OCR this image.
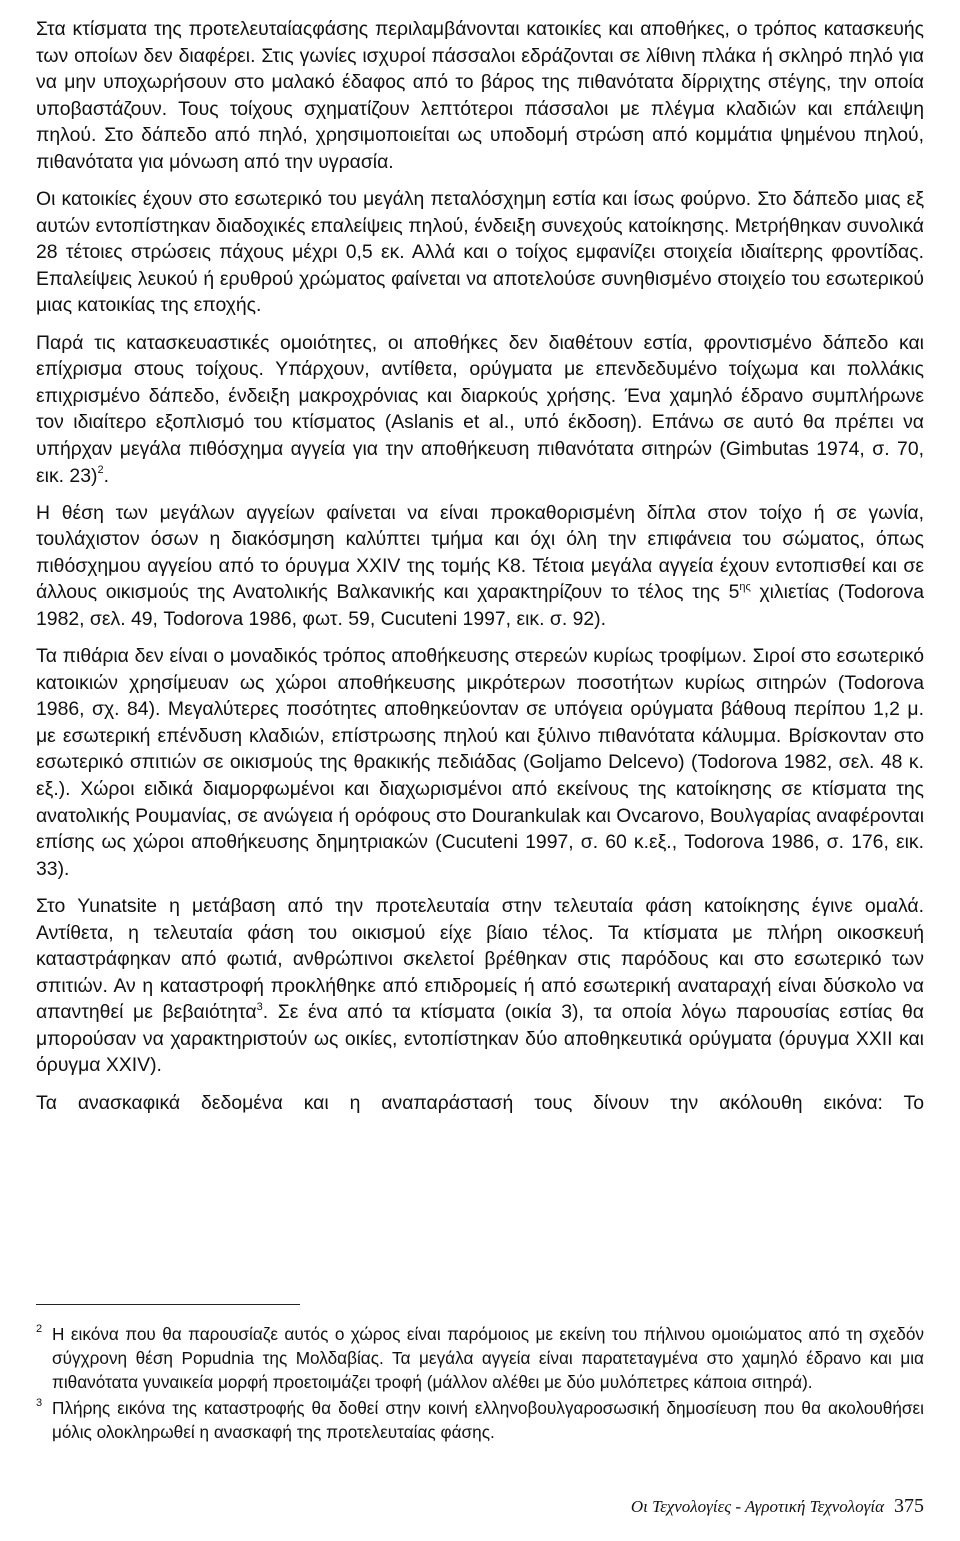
Στα κτίσματα της προτελευταίαςφάσης περιλαμβάνονται κατοικίες και αποθήκες, ο τρόπος κατασκευής των οποίων δεν διαφέρει. Στις γωνίες ισχυροί πάσσαλοι εδράζονται σε λίθινη πλάκα ή σκληρό πηλό για να μην υποχωρήσουν στο μαλακό έδαφος από το βάρος της πιθανότατα δίρριχτης στέγης, την οποία υποβαστάζουν. Τους τοίχους σχηματίζουν λεπτότεροι πάσσαλοι με πλέγμα κλαδιών και επάλειψη πηλού. Στο δάπεδο από πηλό, χρησιμοποιείται ως υποδομή στρώση από κομμάτια ψημένου πηλού, πιθανότατα για μόνωση από την υγρασία.

Οι κατοικίες έχουν στο εσωτερικό του μεγάλη πεταλόσχημη εστία και ίσως φούρνο. Στο δάπεδο μιας εξ αυτών εντοπίστηκαν διαδοχικές επαλείψεις πηλού, ένδειξη συνεχούς κατοίκησης. Μετρήθηκαν συνολικά 28 τέτοιες στρώσεις πάχους μέχρι 0,5 εκ. Αλλά και ο τοίχος εμφανίζει στοιχεία ιδιαίτερης φροντίδας. Επαλείψεις λευκού ή ερυθρού χρώματος φαίνεται να αποτελούσε συνηθισμένο στοιχείο του εσωτερικού μιας κατοικίας της εποχής.

Παρά τις κατασκευαστικές ομοιότητες, οι αποθήκες δεν διαθέτουν εστία, φροντισμένο δάπεδο και επίχρισμα στους τοίχους. Υπάρχουν, αντίθετα, ορύγματα με επενδεδυμένο τοίχωμα και πολλάκις επιχρισμένο δάπεδο, ένδειξη μακροχρόνιας και διαρκούς χρήσης. Ένα χαμηλό έδρανο συμπλήρωνε τον ιδιαίτερο εξοπλισμό του κτίσματος (Aslanis et al., υπό έκδοση). Επάνω σε αυτό θα πρέπει να υπήρχαν μεγάλα πιθόσχημα αγγεία για την αποθήκευση πιθανότατα σιτηρών (Gimbutas 1974, σ. 70, εικ. 23)$^2$.

Η θέση των μεγάλων αγγείων φαίνεται να είναι προκαθορισμένη δίπλα στον τοίχο ή σε γωνία, τουλάχιστον όσων η διακόσμηση καλύπτει τμήμα και όχι όλη την επιφάνεια του σώματος, όπως πιθόσχημου αγγείου από το όρυγμα XXIV της τομής Κ8. Τέτοια μεγάλα αγγεία έχουν εντοπισθεί και σε άλλους οικισμούς της Ανατολικής Βαλκανικής και χαρακτηρίζουν το τέλος της $5^{\eta\varsigma}$ χιλιετίας (Todorova 1982, σελ. 49, Todorova 1986, φωτ. 59, Cucuteni 1997, εικ. σ. 92).

Τα πιθάρια δεν είναι ο μοναδικός τρόπος αποθήκευσης στερεών κυρίως τροφίμων. Σιροί στο εσωτερικό κατοικιών χρησίμευαν ως χώροι αποθήκευσης μικρότερων ποσοτήτων κυρίως σιτηρών (Todorova 1986, σχ. 84). Μεγαλύτερες ποσότητες αποθηκεύονταν σε υπόγεια ορύγματα βάθουq περίπου 1,2 μ. με εσωτερική επένδυση κλαδιών, επίστρωσης πηλού και ξύλινο πιθανότατα κάλυμμα. Βρίσκονταν στο εσωτερικό σπιτιών σε οικισμούς της θρακικής πεδιάδας (Goljamo Delcevo) (Todorova 1982, σελ. 48 κ. εξ.). Χώροι ειδικά διαμορφωμένοι και διαχωρισμένοι από εκείνους της κατοίκησης σε κτίσματα της ανατολικής Ρουμανίας, σε ανώγεια ή ορόφους στο Dourankulak και Ovcarovo, Βουλγαρίας αναφέρονται επίσης ως χώροι αποθήκευσης δημητριακών (Cucuteni 1997, σ. 60 κ.εξ., Todorova 1986, σ. 176, εικ. 33).

Στο Yunatsite η μετάβαση από την προτελευταία στην τελευταία φάση κατοίκησης έγινε ομαλά. Αντίθετα, η τελευταία φάση του οικισμού είχε βίαιο τέλος. Τα κτίσματα με πλήρη οικοσκευή καταστράφηκαν από φωτιά, ανθρώπινοι σκελετοί βρέθηκαν στις παρόδους και στο εσωτερικό των σπιτιών. Αν η καταστροφή προκλήθηκε από επιδρομείς ή από εσωτερική αναταραχή είναι δύσκολο να απαντηθεί με βεβαιότητα$^3$. Σε ένα από τα κτίσματα (οικία 3), τα οποία λόγω παρουσίας εστίας θα μπορούσαν να χαρακτηριστούν ως οικίες, εντοπίστηκαν δύο αποθηκευτικά ορύγματα (όρυγμα XXII και όρυγμα XXIV).

Τα ανασκαφικά δεδομένα και η αναπαράστασή τους δίνουν την ακόλουθη εικόνα: Το

2 Η εικόνα που θα παρουσίαζε αυτός ο χώρος είναι παρόμοιος με εκείνη του πήλινου ομοιώματος από τη σχεδόν σύγχρονη θέση Popudnia της Μολδαβίας. Τα μεγάλα αγγεία είναι παρατεταγμένα στο χαμηλό έδρανο και μια πιθανότατα γυναικεία μορφή προετοιμάζει τροφή (μάλλον αλέθει με δύο μυλόπετρες κάποια σιτηρά).

3 Πλήρης εικόνα της καταστροφής θα δοθεί στην κοινή ελληνοβουλγαρoσωσική δημοσίευση που θα ακολουθήσει μόλις ολοκληρωθεί η ανασκαφή της προτελευταίας φάσης.

Οι Τεχνολογίες - Αγροτική Τεχνολογία 375
